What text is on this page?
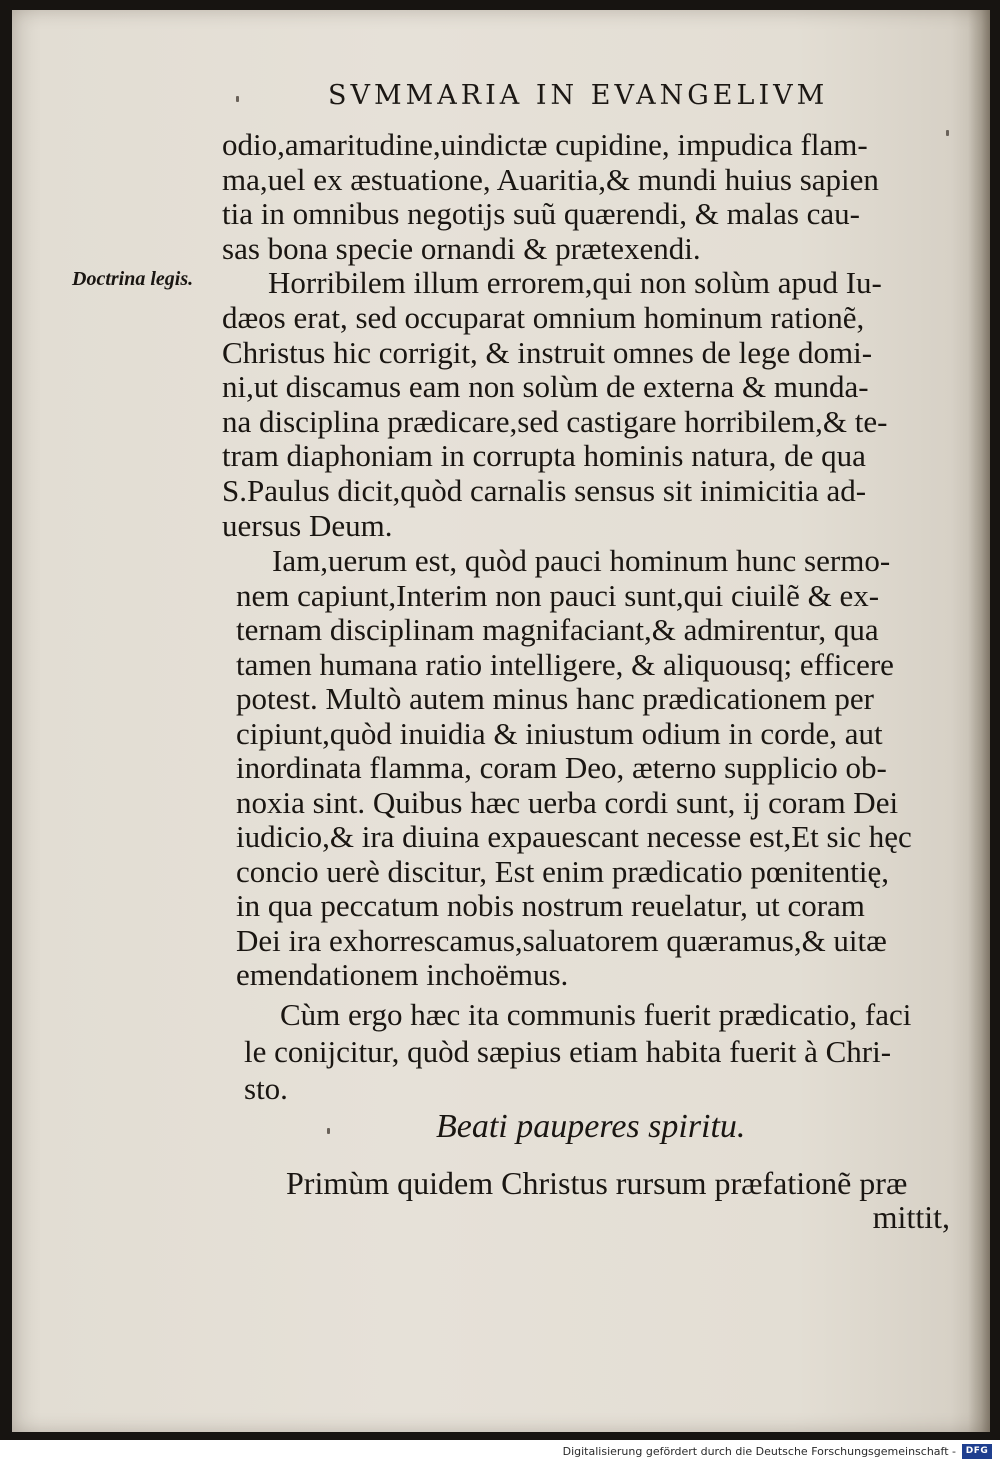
SVMMARIA IN EVANGELIVM
odio,amaritudine,uindictæ cupidine, impudica flam-
ma,uel ex æstuatione, Auaritia,& mundi huius sapien
tia in omnibus negotijs suũ quærendi, & malas cau-
sas bona specie ornandi & prætexendi.
Horribilem illum errorem,qui non solùm apud Iu-
dæos erat, sed occuparat omnium hominum rationẽ,
Christus hic corrigit, & instruit omnes de lege domi-
ni,ut discamus eam non solùm de externa & munda-
na disciplina prædicare,sed castigare horribilem,& te-
tram diaphoniam in corrupta hominis natura, de qua
S.Paulus dicit,quòd carnalis sensus sit inimicitia ad-
uersus Deum.
Doctrina legis.
Iam,uerum est, quòd pauci hominum hunc sermo-
nem capiunt,Interim non pauci sunt,qui ciuilẽ & ex-
ternam disciplinam magnifaciant,& admirentur, qua
tamen humana ratio intelligere, & aliquousq; efficere
potest. Multò autem minus hanc prædicationem per
cipiunt,quòd inuidia & iniustum odium in corde, aut
inordinata flamma, coram Deo, æterno supplicio ob-
noxia sint. Quibus hæc uerba cordi sunt, ij coram Dei
iudicio,& ira diuina expauescant necesse est,Et sic hęc
concio uerè discitur, Est enim prædicatio pœnitentię,
in qua peccatum nobis nostrum reuelatur, ut coram
Dei ira exhorrescamus,saluatorem quæramus,& uitæ
emendationem inchoëmus.
Cùm ergo hæc ita communis fuerit prædicatio, faci
le conijcitur, quòd sæpius etiam habita fuerit à Chri-
sto.
Beati pauperes spiritu.
Primùm quidem Christus rursum præfationẽ præ
mittit,
Digitalisierung gefördert durch die Deutsche Forschungsgemeinschaft -	DFG
